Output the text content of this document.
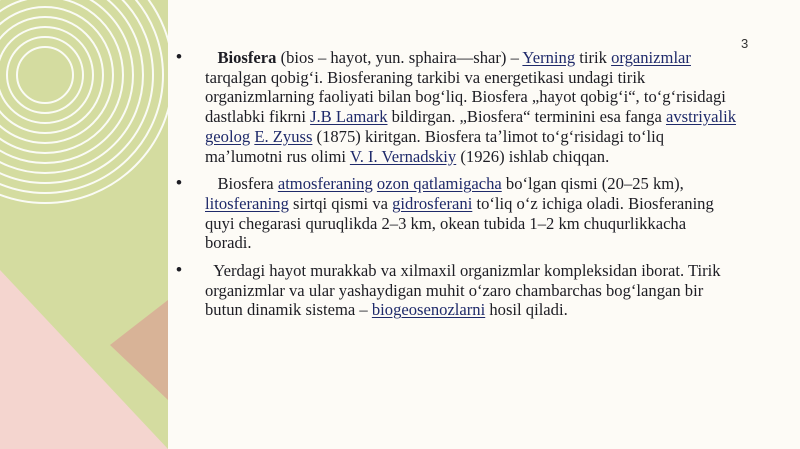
3

• Biosfera (bios – hayot, yun. sphaira—shar) – Yerning tirik organizmlar tarqalgan qobigʻi. Biosferaning tarkibi va energetikasi undagi tirik organizmlarning faoliyati bilan bogʻliq. Biosfera „hayot qobigʻi“, toʻgʻrisidagi dastlabki fikrni J.B Lamark bildirgan. „Biosfera“ terminini esa fanga avstriyalik geolog E. Zyuss (1875) kiritgan. Biosfera taʼlimot toʻgʻrisidagi toʻliq maʼlumotni rus olimi V. I. Vernadskiy (1926) ishlab chiqqan.

•    Biosfera atmosferaning ozon qatlamigacha boʻlgan qismi (20–25 km), litosferaning sirtqi qismi va gidrosferani toʻliq oʻz ichiga oladi. Biosferaning quyi chegarasi quruqlikda 2–3 km, okean tubida 1–2 km chuqurlikkacha boradi.

•   Yerdagi hayot murakkab va xilmaxil organizmlar kompleksidan iborat. Tirik organizmlar va ular yashaydigan muhit oʻzaro chambarchas bogʻlangan bir butun dinamik sistema – biogeosenozlarni hosil qiladi.
